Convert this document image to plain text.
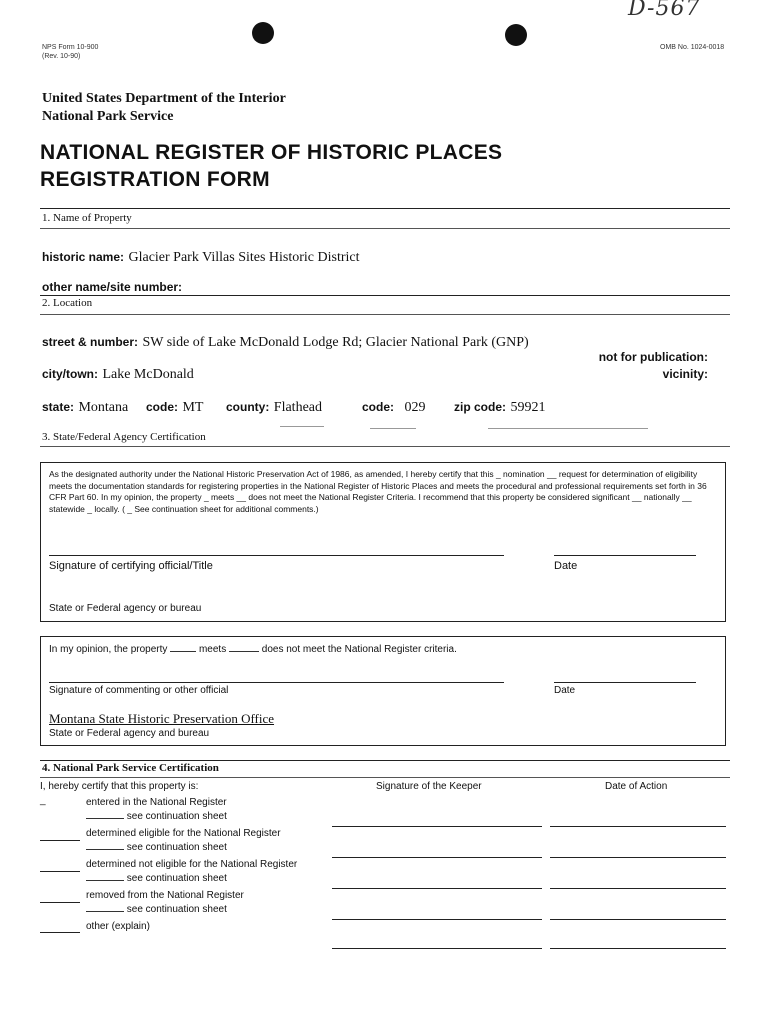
D-567
NPS Form 10-900
(Rev. 10-90)
OMB No. 1024-0018
United States Department of the Interior
National Park Service
NATIONAL REGISTER OF HISTORIC PLACES
REGISTRATION FORM
1. Name of Property
historic name: Glacier Park Villas Sites Historic District
other name/site number:
2. Location
street & number: SW side of Lake McDonald Lodge Rd; Glacier National Park (GNP)
not for publication:
city/town: Lake McDonald	vicinity:
state: Montana code: MT county: Flathead	code: 029 zip code: 59921
3. State/Federal Agency Certification
As the designated authority under the National Historic Preservation Act of 1986, as amended, I hereby certify that this _ nomination __ request for determination of eligibility meets the documentation standards for registering properties in the National Register of Historic Places and meets the procedural and professional requirements set forth in 36 CFR Part 60. In my opinion, the property _ meets __ does not meet the National Register Criteria. I recommend that this property be considered significant __ nationally __ statewide _ locally. ( _ See continuation sheet for additional comments.)
Signature of certifying official/Title	Date
State or Federal agency or bureau
In my opinion, the property	meets	does not meet the National Register criteria.
Signature of commenting or other official	Date
Montana State Historic Preservation Office
State or Federal agency and bureau
4. National Park Service Certification
I, hereby certify that this property is:	Signature of the Keeper	Date of Action
_	entered in the National Register
see continuation sheet
determined eligible for the National Register
see continuation sheet
determined not eligible for the National Register
see continuation sheet
removed from the National Register
see continuation sheet
other (explain)
